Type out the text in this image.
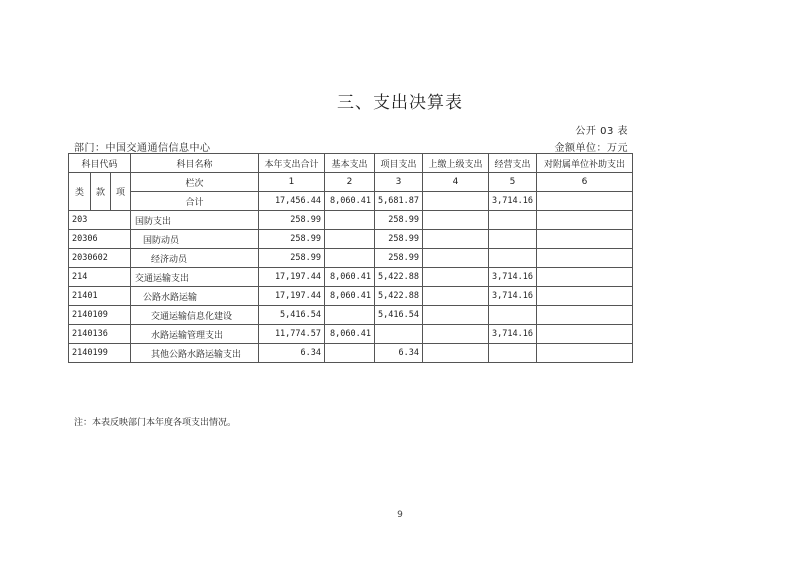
三、支出决算表
公开 03 表
部门：中国交通通信信息中心	金额单位：万元
科目代码			科目名称	本年支出合计	基本支出	项目支出	上缴上级支出	经营支出	对附属单位补助支出
类	款	项	栏次	1	2	3	4	5	6
			合计	17,456.44	8,060.41	5,681.87		3,714.16	
203			国防支出	258.99		258.99			
20306			国防动员	258.99		258.99			
2030602			经济动员	258.99		258.99			
214			交通运输支出	17,197.44	8,060.41	5,422.88		3,714.16	
21401			公路水路运输	17,197.44	8,060.41	5,422.88		3,714.16	
2140109			交通运输信息化建设	5,416.54		5,416.54			
2140136			水路运输管理支出	11,774.57	8,060.41			3,714.16	
2140199			其他公路水路运输支出	6.34		6.34			
注：本表反映部门本年度各项支出情况。
9
